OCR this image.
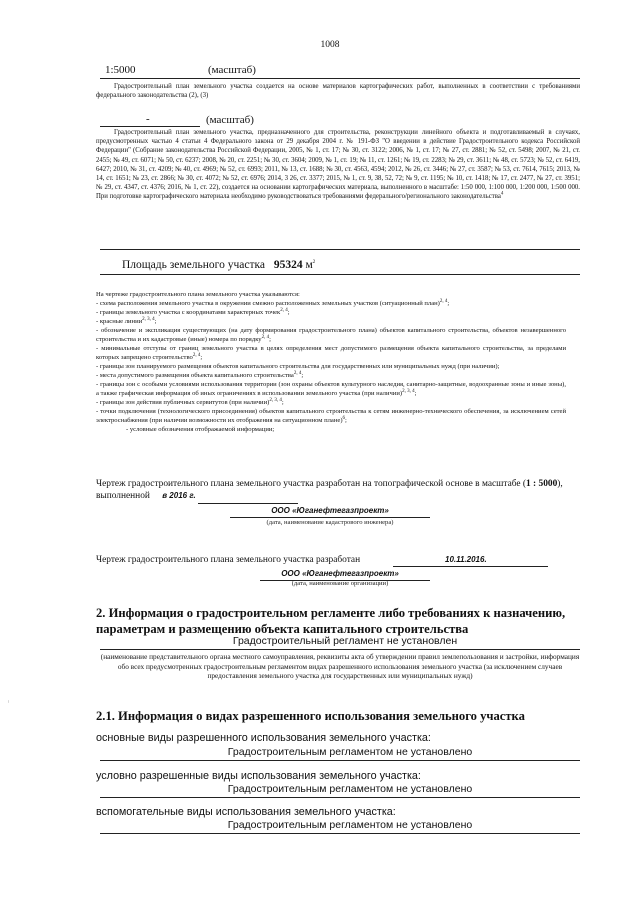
~
1008
1:5000	(масштаб)
Градостроительный план земельного участка создается на основе материалов картографических работ, выполненных в соответствии с требованиями федерального законодательства (2), (3)
-	(масштаб)
Градостроительный план земельного участка, предназначенного для строительства, реконструкции линейного объекта и подготавливаемый в случаях, предусмотренных частью 4 статьи 4 Федерального закона от 29 декабря 2004 г. № 191-ФЗ "О введении в действие Градостроительного кодекса Российской Федерации" (Собрание законодательства Российской Федерации, 2005, № 1, ст. 17; № 30, ст. 3122; 2006, № 1, ст. 17; № 27, ст. 2881; № 52, ст. 5498; 2007, № 21, ст. 2455; № 49, ст. 6071; № 50, ст. 6237; 2008, № 20, ст. 2251; № 30, ст. 3604; 2009, № 1, ст. 19; № 11, ст. 1261; № 19, ст. 2283; № 29, ст. 3611; № 48, ст. 5723; № 52, ст. 6419, 6427; 2010, № 31, ст. 4209; № 40, ст. 4969; № 52, ст. 6993; 2011, № 13, ст. 1688; № 30, ст. 4563, 4594; 2012, № 26, ст. 3446; № 27, ст. 3587; № 53, ст. 7614, 7615; 2013, № 14, ст. 1651; № 23, ст. 2866; № 30, ст. 4072; № 52, ст. 6976; 2014, 3 26, ст. 3377; 2015, № 1, ст. 9, 38, 52, 72; № 9, ст. 1195; № 10, ст. 1418; № 17, ст. 2477, № 27, ст. 3951; № 29, ст. 4347, ст. 4376; 2016, № 1, ст. 22), создается на основании картографических материала, выполненного в масштабе: 1:50 000, 1:100 000, 1:200 000, 1:500 000. При подготовке картографического материала необходимо руководствоваться требованиями федерального/регионального законодательства$^4$
Площадь земельного участка 95324 $м^2$
На чертеже градостроительного плана земельного участка указываются:
- схема расположения земельного участка в окружении смежно расположенных земельных участков (ситуационный план)$^{2, 4}$;
- границы земельного участка с координатами характерных точек$^{2, 4}$;
- красные линии$^{2, 3, 4}$;
- обозначение и экспликация существующих (на дату формирования градостроительного плана) объектов капитального строительства, объектов незавершенного строительства и их кадастровые (иные) номера по порядку$^{2, 4}$;
- минимальные отступы от границ земельного участка в целях определения мест допустимого размещения объекта капитального строительства, за пределами которых запрещено строительство$^{2, 4}$;
- границы зон планируемого размещения объектов капитального строительства для государственных или муниципальных нужд (при наличии);
- места допустимого размещения объекта капитального строительства$^{2, 4}$;
- границы зон с особыми условиями использования территории (зон охраны объектов культурного наследия, санитарно-защитные, водоохранные зоны и иные зоны), а также графическая информация об иных ограничениях в использовании земельного участка (при наличии)$^{2, 3, 4}$;
- границы зон действия публичных сервитутов (при наличии)$^{2, 3, 4}$;
- точки подключения (технологического присоединения) объектов капитального строительства к сетям инженерно-технического обеспечения, за исключением сетей электроснабжения (при наличии возможности их отображения на ситуационном плане)$^6$;
- условные обозначения отображаемой информации;
Чертеж градостроительного плана земельного участка разработан на топографической основе в масштабе (1 : 5000), выполненной в 2016 г.
ООО «Юганефтегазпроект»
(дата, наименование кадастрового инженера)
Чертеж градостроительного плана земельного участка разработан	10.11.2016.
ООО «Юганефтегазпроект»
(дата, наименование организации)
2. Информация о градостроительном регламенте либо требованиях к назначению, параметрам и размещению объекта капитального строительства
Градостроительный регламент не установлен
(наименование представительного органа местного самоуправления, реквизиты акта об утверждении правил землепользования и застройки, информация обо всех предусмотренных градостроительным регламентом видах разрешенного использования земельного участка (за исключением случаев предоставления земельного участка для государственных или муниципальных нужд)
2.1. Информация о видах разрешенного использования земельного участка
основные виды разрешенного использования земельного участка:
Градостроительным регламентом не установлено
условно разрешенные виды использования земельного участка:
Градостроительным регламентом не установлено
вспомогательные виды использования земельного участка:
Градостроительным регламентом не установлено
